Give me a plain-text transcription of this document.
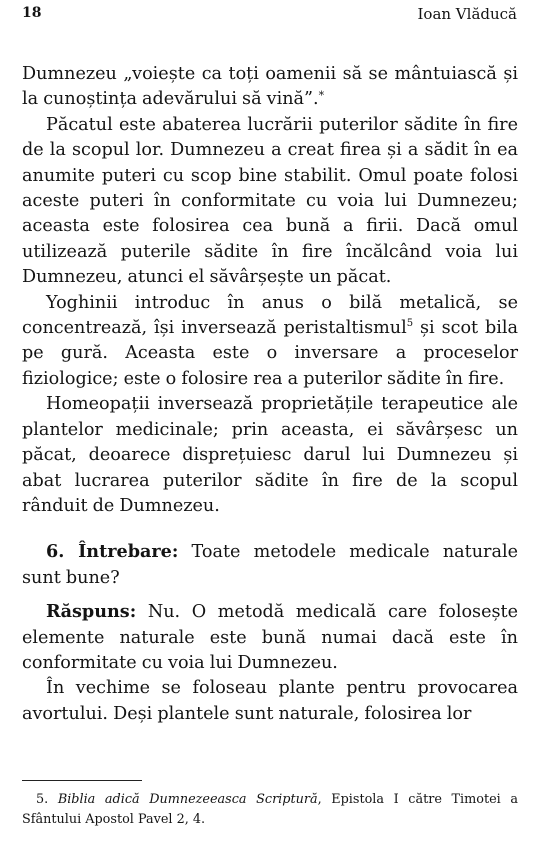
18	Ioan Vlăducă

Dumnezeu „voiește ca toți oamenii să se mântuiască și la cunoștința adevărului să vină”.*

Păcatul este abaterea lucrării puterilor sădite în fire de la scopul lor. Dumnezeu a creat firea și a sădit în ea anumite puteri cu scop bine stabilit. Omul poate folosi aceste puteri în conformitate cu voia lui Dumnezeu; aceasta este folosirea cea bună a firii. Dacă omul utilizează puterile sădite în fire încălcând voia lui Dumnezeu, atunci el săvârșește un păcat.

Yoghinii introduc în anus o bilă metalică, se concentrează, își inversează peristaltismul$^5$ și scot bila pe gură. Aceasta este o inversare a proceselor fiziologice; este o folosire rea a puterilor sădite în fire.

Homeopații inversează proprietățile terapeutice ale plantelor medicinale; prin aceasta, ei săvârșesc un păcat, deoarece disprețuiesc darul lui Dumnezeu și abat lucrarea puterilor sădite în fire de la scopul rânduit de Dumnezeu.

6. Întrebare: Toate metodele medicale naturale sunt bune?

Răspuns: Nu. O metodă medicală care folosește elemente naturale este bună numai dacă este în conformitate cu voia lui Dumnezeu.

În vechime se foloseau plante pentru provocarea avortului. Deși plantele sunt naturale, folosirea lor

5. Biblia adică Dumnezeeasca Scriptură, Epistola I către Timotei a Sfântului Apostol Pavel 2, 4.
